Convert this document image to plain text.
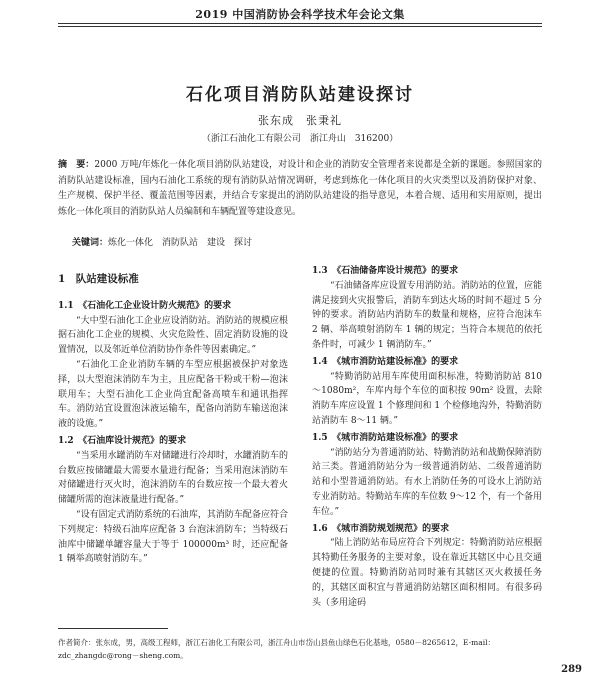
2019 中国消防协会科学技术年会论文集
石化项目消防队站建设探讨
张东成　张秉礼
（浙江石油化工有限公司　浙江舟山　316200）
摘　要：2000 万吨/年炼化一体化项目消防队站建设，对设计和企业的消防安全管理者来说都是全新的课题。参照国家的消防队站建设标准，国内石油化工系统的现有消防队站情况调研，考虑到炼化一体化项目的火灾类型以及消防保护对象、生产规模、保护半径、覆盖范围等因素，并结合专家提出的消防队站建设的指导意见，本着合规、适用和实用原则，提出炼化一体化项目的消防队站人员编制和车辆配置等建设意见。
关键词：炼化一体化　消防队站　建设　探讨
1　队站建设标准
1.1　《石油化工企业设计防火规范》的要求
“大中型石油化工企业应设消防站。消防站的规模应根据石油化工企业的规模、火灾危险性、固定消防设施的设置情况，以及邻近单位消防协作条件等因素确定。”
“石油化工企业消防车辆的车型应根据被保护对象选择，以大型泡沫消防车为主，且应配备干粉或干粉—泡沫联用车；大型石油化工企业尚宜配备高喷车和通讯指挥车。消防站宜设置泡沫液运输车，配备向消防车输送泡沫液的设施。”
1.2　《石油库设计规范》的要求
“当采用水罐消防车对储罐进行冷却时，水罐消防车的台数应按储罐最大需要水量进行配备；当采用泡沫消防车对储罐进行灭火时，泡沫消防车的台数应按一个最大着火储罐所需的泡沫液量进行配备。”
“设有固定式消防系统的石油库，其消防车配备应符合下列规定：特级石油库应配备 3 台泡沫消防车；当特级石油库中储罐单罐容量大于等于 100000m³ 时，还应配备 1 辆举高喷射消防车。”
1.3　《石油储备库设计规范》的要求
“石油储备库应设置专用消防站。消防站的位置，应能满足接到火灾报警后，消防车到达火场的时间不超过 5 分钟的要求。消防站内消防车的数量和规格，应符合泡沫车 2 辆、举高喷射消防车 1 辆的规定；当符合本规范的依托条件时，可减少 1 辆消防车。”
1.4　《城市消防站建设标准》的要求
“特勤消防站用车库使用面积标准，特勤消防站 810～1080m²，车库内每个车位的面积按 90m² 设置，去除消防车库应设置 1 个修理间和 1 个检修地沟外，特勤消防站消防车 8～11 辆。”
1.5　《城市消防站建设标准》的要求
“消防站分为普通消防站、特勤消防站和战勤保障消防站三类。普通消防站分为一级普通消防站、二级普通消防站和小型普通消防站。有水上消防任务的可设水上消防站专业消防站。特勤站车库的车位数 9～12 个，有一个备用车位。”
1.6　《城市消防规划规范》的要求
“陆上消防站布局应符合下列规定：特勤消防站应根据其特勤任务服务的主要对象，设在靠近其辖区中心且交通便捷的位置。特勤消防站同时兼有其辖区灭火救援任务的，其辖区面积宜与普通消防站辖区面积相同。有很多码头（多用途码
作者简介：张东成，男，高级工程师，浙江石油化工有限公司，浙江舟山市岱山县鱼山绿色石化基地，0580－8265612，E-mail：zdc_zhangdc@rong－sheng.com。
289
